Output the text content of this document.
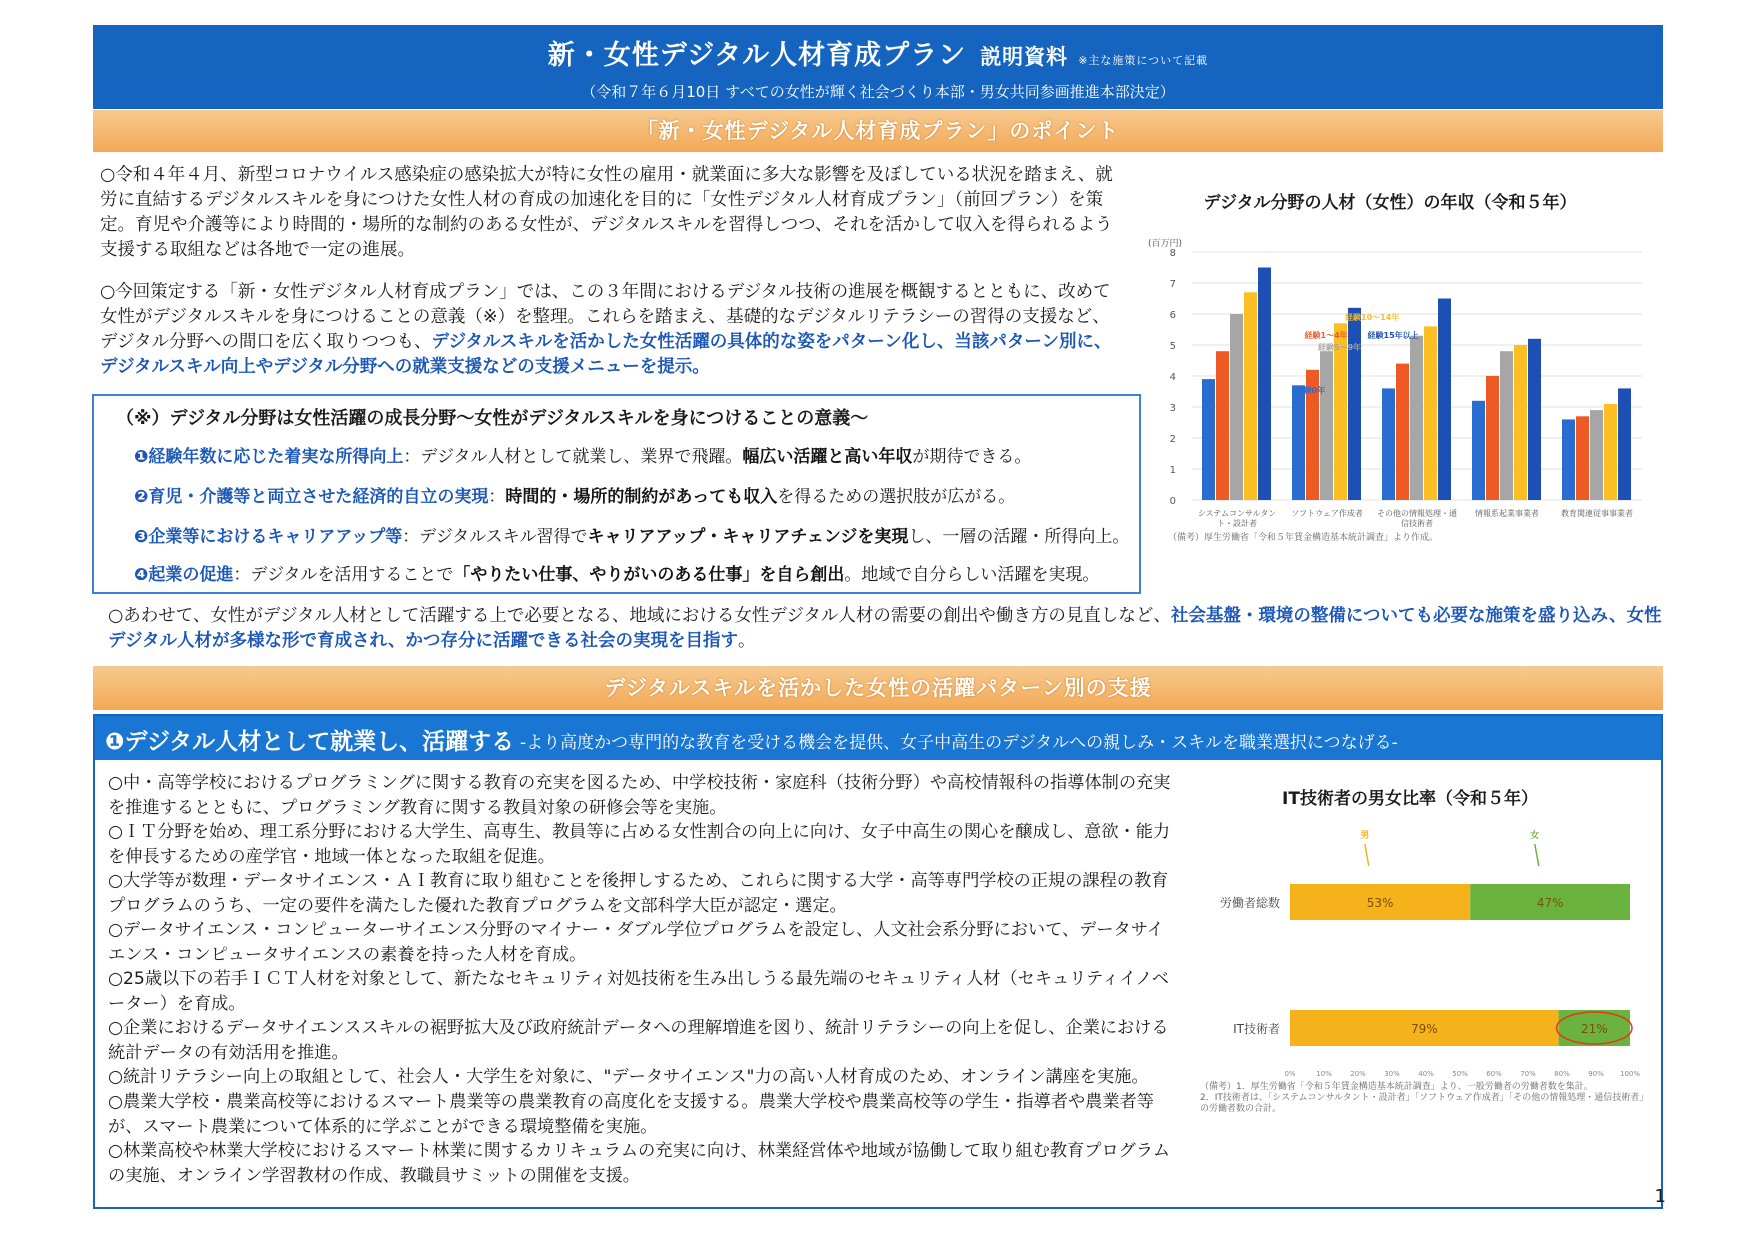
新・女性デジタル人材育成プラン 説明資料 ※主な施策について記載
（令和７年６月10日 すべての女性が輝く社会づくり本部・男女共同参画推進本部決定）
「新・女性デジタル人材育成プラン」のポイント
○令和４年４月、新型コロナウイルス感染症の感染拡大が特に女性の雇用・就業面に多大な影響を及ぼしている状況を踏まえ、就労に直結するデジタルスキルを身につけた女性人材の育成の加速化を目的に「女性デジタル人材育成プラン」（前回プラン）を策定。育児や介護等により時間的・場所的な制約のある女性が、デジタルスキルを習得しつつ、それを活かして収入を得られるよう支援する取組などは各地で一定の進展。
○今回策定する「新・女性デジタル人材育成プラン」では、この３年間におけるデジタル技術の進展を概観するとともに、改めて女性がデジタルスキルを身につけることの意義（※）を整理。これらを踏まえ、基礎的なデジタルリテラシーの習得の支援など、デジタル分野への間口を広く取りつつも、デジタルスキルを活かした女性活躍の具体的な姿をパターン化し、当該パターン別に、デジタルスキル向上やデジタル分野への就業支援などの支援メニューを提示。
（※）デジタル分野は女性活躍の成長分野～女性がデジタルスキルを身につけることの意義～
❶経験年数に応じた着実な所得向上：デジタル人材として就業し、業界で飛躍。幅広い活躍と高い年収が期待できる。
❷育児・介護等と両立させた経済的自立の実現：時間的・場所的制約があっても収入を得るための選択肢が広がる。
❸企業等におけるキャリアアップ等：デジタルスキル習得でキャリアアップ・キャリアチェンジを実現し、一層の活躍・所得向上。
❹起業の促進：デジタルを活用することで「やりたい仕事、やりがいのある仕事」を自ら創出。地域で自分らしい活躍を実現。
デジタル分野の人材（女性）の年収（令和５年）
(百万円)
0
1
2
3
4
5
6
7
8
システムコンサルタン
ト・設計者
ソフトウェア作成者 その他の情報処理・通
信技術者
情報系起業事業者	教育関連従事事業者
経験0年
経験1～4年
経験5～9年
経験10～14年
経験15年以上
（備考）厚生労働省「令和５年賃金構造基本統計調査」より作成。
○あわせて、女性がデジタル人材として活躍する上で必要となる、地域における女性デジタル人材の需要の創出や働き方の見直しなど、社会基盤・環境の整備についても必要な施策を盛り込み、女性デジタル人材が多様な形で育成され、かつ存分に活躍できる社会の実現を目指す。
デジタルスキルを活かした女性の活躍パターン別の支援
❶デジタル人材として就業し、活躍する -より高度かつ専門的な教育を受ける機会を提供、女子中高生のデジタルへの親しみ・スキルを職業選択につなげる-
○中・高等学校におけるプログラミングに関する教育の充実を図るため、中学校技術・家庭科（技術分野）や高校情報科の指導体制の充実を推進するとともに、プログラミング教育に関する教員対象の研修会等を実施。
○ＩＴ分野を始め、理工系分野における大学生、高専生、教員等に占める女性割合の向上に向け、女子中高生の関心を醸成し、意欲・能力を伸長するための産学官・地域一体となった取組を促進。
○大学等が数理・データサイエンス・ＡＩ教育に取り組むことを後押しするため、これらに関する大学・高等専門学校の正規の課程の教育プログラムのうち、一定の要件を満たした優れた教育プログラムを文部科学大臣が認定・選定。
○データサイエンス・コンピューターサイエンス分野のマイナー・ダブル学位プログラムを設定し、人文社会系分野において、データサイエンス・コンピュータサイエンスの素養を持った人材を育成。
○25歳以下の若手ＩＣＴ人材を対象として、新たなセキュリティ対処技術を生み出しうる最先端のセキュリティ人材（セキュリティイノベーター）を育成。
○企業におけるデータサイエンススキルの裾野拡大及び政府統計データへの理解増進を図り、統計リテラシーの向上を促し、企業における統計データの有効活用を推進。
○統計リテラシー向上の取組として、社会人・大学生を対象に、"データサイエンス"力の高い人材育成のため、オンライン講座を実施。
○農業大学校・農業高校等におけるスマート農業等の農業教育の高度化を支援する。農業大学校や農業高校等の学生・指導者や農業者等が、スマート農業について体系的に学ぶことができる環境整備を実施。
○林業高校や林業大学校におけるスマート林業に関するカリキュラムの充実に向け、林業経営体や地域が協働して取り組む教育プログラムの実施、オンライン学習教材の作成、教職員サミットの開催を支援。
IT技術者の男女比率（令和５年）
労働者総数	53%	47%
IT技術者	79%	21%
男	女
0%	10%	20%	30%	40%	50%	60%	70%	80%	90% 100%
（備考）1．厚生労働省「令和５年賃金構造基本統計調査」より、一般労働者の労働者数を集計。
2．IT技術者は、「システムコンサルタント・設計者」「ソフトウェア作成者」「その他の情報処理・通信技術者」の労働者数の合計。
1
